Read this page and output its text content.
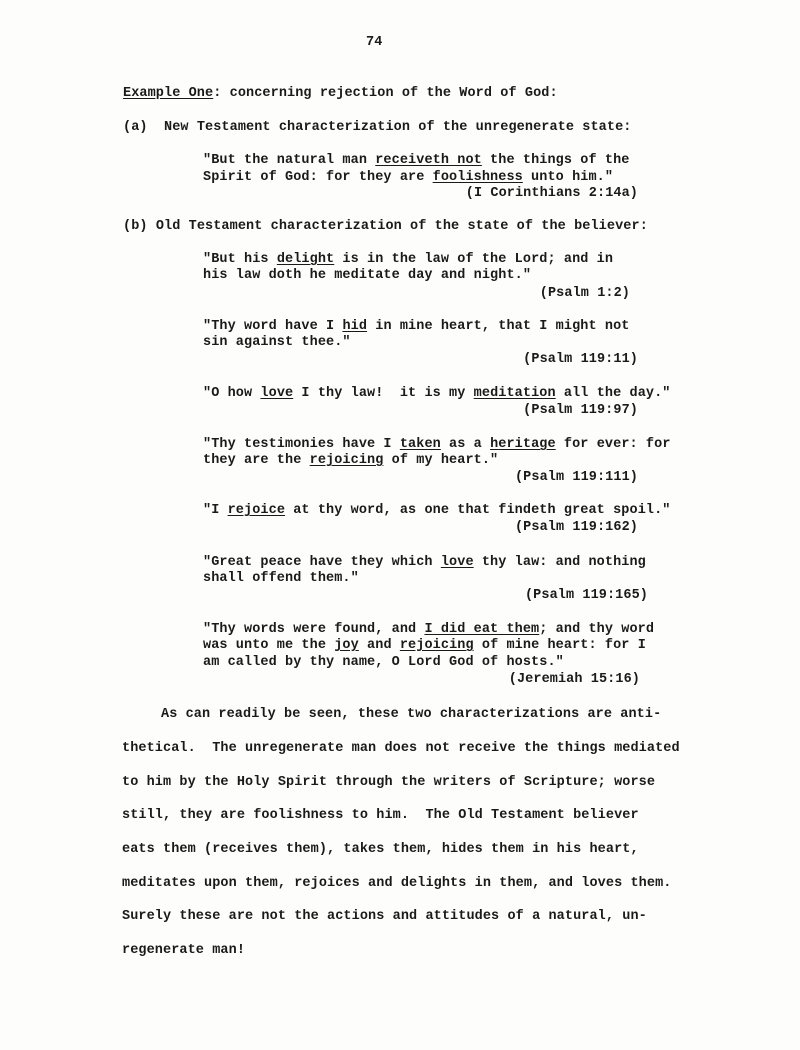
74
Example One: concerning rejection of the Word of God:
(a) New Testament characterization of the unregenerate state:
"But the natural man receiveth not the things of the
Spirit of God: for they are foolishness unto him."
(I Corinthians 2:14a)
(b) Old Testament characterization of the state of the believer:
"But his delight is in the law of the Lord; and in
his law doth he meditate day and night."
(Psalm 1:2)
"Thy word have I hid in mine heart, that I might not
sin against thee."
(Psalm 119:11)
"O how love I thy law!  it is my meditation all the day."
(Psalm 119:97)
"Thy testimonies have I taken as a heritage for ever: for
they are the rejoicing of my heart."
(Psalm 119:111)
"I rejoice at thy word, as one that findeth great spoil."
(Psalm 119:162)
"Great peace have they which love thy law: and nothing
shall offend them."
(Psalm 119:165)
"Thy words were found, and I did eat them; and thy word
was unto me the joy and rejoicing of mine heart: for I
am called by thy name, O Lord God of hosts."
(Jeremiah 15:16)
As can readily be seen, these two characterizations are anti-
thetical.  The unregenerate man does not receive the things mediated
to him by the Holy Spirit through the writers of Scripture; worse
still, they are foolishness to him.  The Old Testament believer
eats them (receives them), takes them, hides them in his heart,
meditates upon them, rejoices and delights in them, and loves them.
Surely these are not the actions and attitudes of a natural, un-
regenerate man!
